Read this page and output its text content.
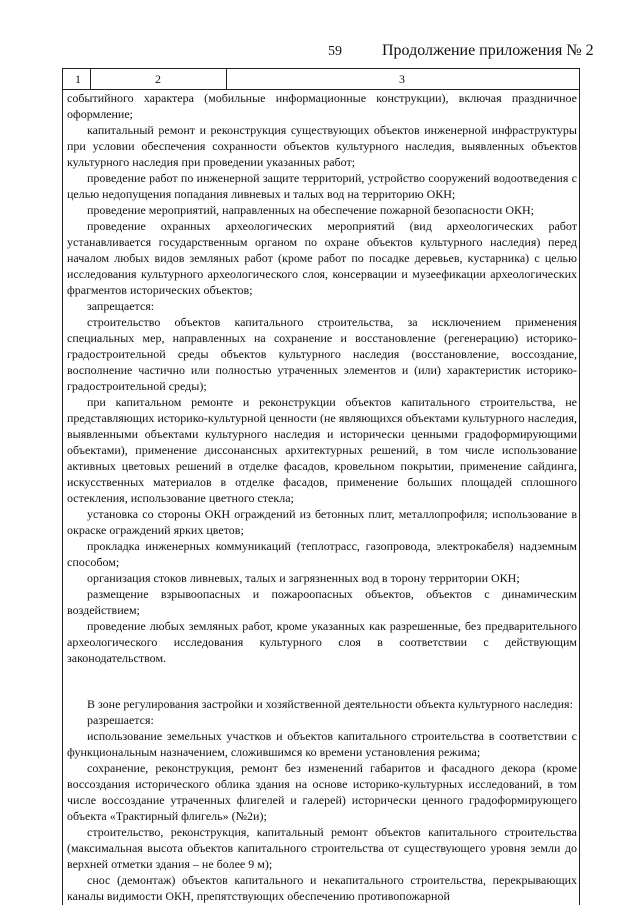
59	Продолжение приложения № 2
1	2	3

событийного характера (мобильные информационные конструкции), включая праздничное оформление;

капитальный ремонт и реконструкция существующих объектов инженерной инфраструктуры при условии обеспечения сохранности объектов культурного наследия, выявленных объектов культурного наследия при проведении указанных работ;

проведение работ по инженерной защите территорий, устройство сооружений водоотведения с целью недопущения попадания ливневых и талых вод на территорию ОКН;

проведение мероприятий, направленных на обеспечение пожарной безопасности ОКН;

проведение охранных археологических мероприятий (вид археологических работ устанавливается государственным органом по охране объектов культурного наследия) перед началом любых видов земляных работ (кроме работ по посадке деревьев, кустарника) с целью исследования культурного археологического слоя, консервации и музеефикации археологических фрагментов исторических объектов;

запрещается:

строительство объектов капитального строительства, за исключением применения специальных мер, направленных на сохранение и восстановление (регенерацию) историко-градостроительной среды объектов культурного наследия (восстановление, воссоздание, восполнение частично или полностью утраченных элементов и (или) характеристик историко-градостроительной среды);

при капитальном ремонте и реконструкции объектов капитального строительства, не представляющих историко-культурной ценности (не являющихся объектами культурного наследия, выявленными объектами культурного наследия и исторически ценными градоформирующими объектами), применение диссонансных архитектурных решений, в том числе использование активных цветовых решений в отделке фасадов, кровельном покрытии, применение сайдинга, искусственных материалов в отделке фасадов, применение больших площадей сплошного остекления, использование цветного стекла;

установка со стороны ОКН ограждений из бетонных плит, металлопрофиля; использование в окраске ограждений ярких цветов;

прокладка инженерных коммуникаций (теплотрасс, газопровода, электрокабеля) надземным способом;

организация стоков ливневых, талых и загрязненных вод в торону территории ОКН;

размещение взрывоопасных и пожароопасных объектов, объектов с динамическим воздействием;

проведение любых земляных работ, кроме указанных как разрешенные, без предварительного археологического исследования культурного слоя в соответствии с действующим законодательством.

В зоне регулирования застройки и хозяйственной деятельности объекта культурного наследия:

разрешается:

использование земельных участков и объектов капитального строительства в соответствии с функциональным назначением, сложившимся ко времени установления режима;

сохранение, реконструкция, ремонт без изменений габаритов и фасадного декора (кроме воссоздания исторического облика здания на основе историко-культурных исследований, в том числе воссоздание утраченных флигелей и галерей) исторически ценного градоформирующего объекта «Трактирный флигель» (№2и);

строительство, реконструкция, капитальный ремонт объектов капитального строительства (максимальная высота объектов капитального строительства от существующего уровня земли до верхней отметки здания – не более 9 м);

снос (демонтаж) объектов капитального и некапитального строительства, перекрывающих каналы видимости ОКН, препятствующих обеспечению противопожарной
